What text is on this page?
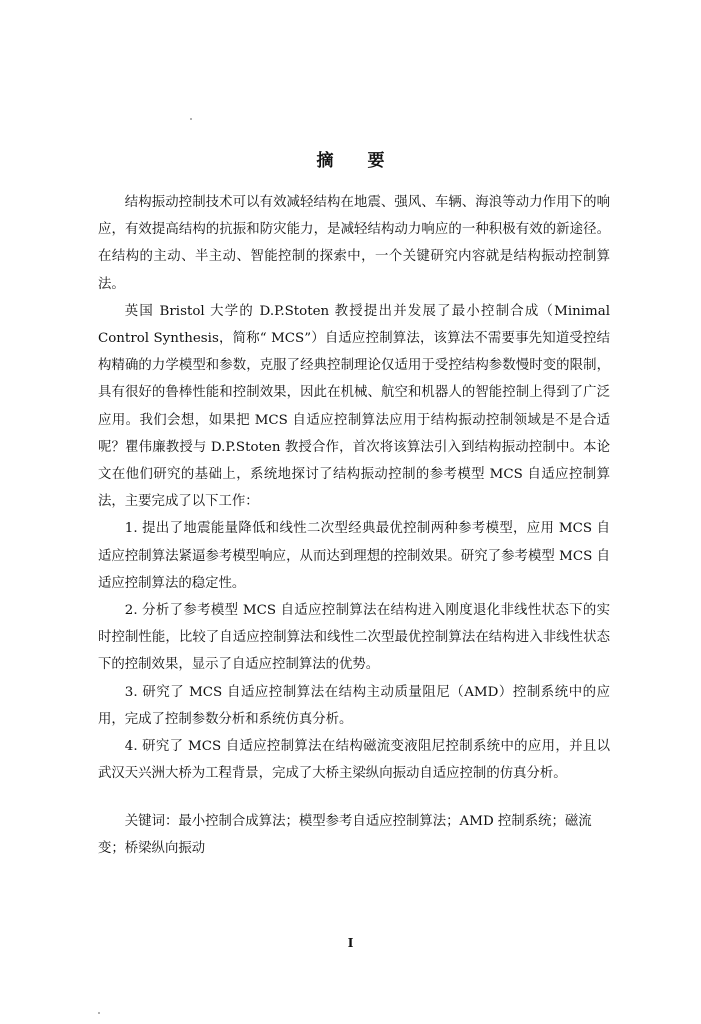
摘 要

结构振动控制技术可以有效减轻结构在地震、强风、车辆、海浪等动力作用下的响应，有效提高结构的抗振和防灾能力，是减轻结构动力响应的一种积极有效的新途径。在结构的主动、半主动、智能控制的探索中，一个关键研究内容就是结构振动控制算法。

英国 Bristol 大学的 D.P.Stoten 教授提出并发展了最小控制合成（Minimal Control Synthesis，简称“ MCS”）自适应控制算法，该算法不需要事先知道受控结构精确的力学模型和参数，克服了经典控制理论仅适用于受控结构参数慢时变的限制，具有很好的鲁棒性能和控制效果，因此在机械、航空和机器人的智能控制上得到了广泛应用。我们会想，如果把 MCS 自适应控制算法应用于结构振动控制领域是不是合适呢？瞿伟廉教授与 D.P.Stoten 教授合作，首次将该算法引入到结构振动控制中。本论文在他们研究的基础上，系统地探讨了结构振动控制的参考模型 MCS 自适应控制算法，主要完成了以下工作：

1. 提出了地震能量降低和线性二次型经典最优控制两种参考模型，应用 MCS 自适应控制算法紧逼参考模型响应，从而达到理想的控制效果。研究了参考模型 MCS 自适应控制算法的稳定性。

2. 分析了参考模型 MCS 自适应控制算法在结构进入刚度退化非线性状态下的实时控制性能，比较了自适应控制算法和线性二次型最优控制算法在结构进入非线性状态下的控制效果，显示了自适应控制算法的优势。

3. 研究了 MCS 自适应控制算法在结构主动质量阻尼（AMD）控制系统中的应用，完成了控制参数分析和系统仿真分析。

4. 研究了 MCS 自适应控制算法在结构磁流变液阻尼控制系统中的应用，并且以武汉天兴洲大桥为工程背景，完成了大桥主梁纵向振动自适应控制的仿真分析。

关键词：最小控制合成算法；模型参考自适应控制算法；AMD 控制系统；磁流变；桥梁纵向振动
I
